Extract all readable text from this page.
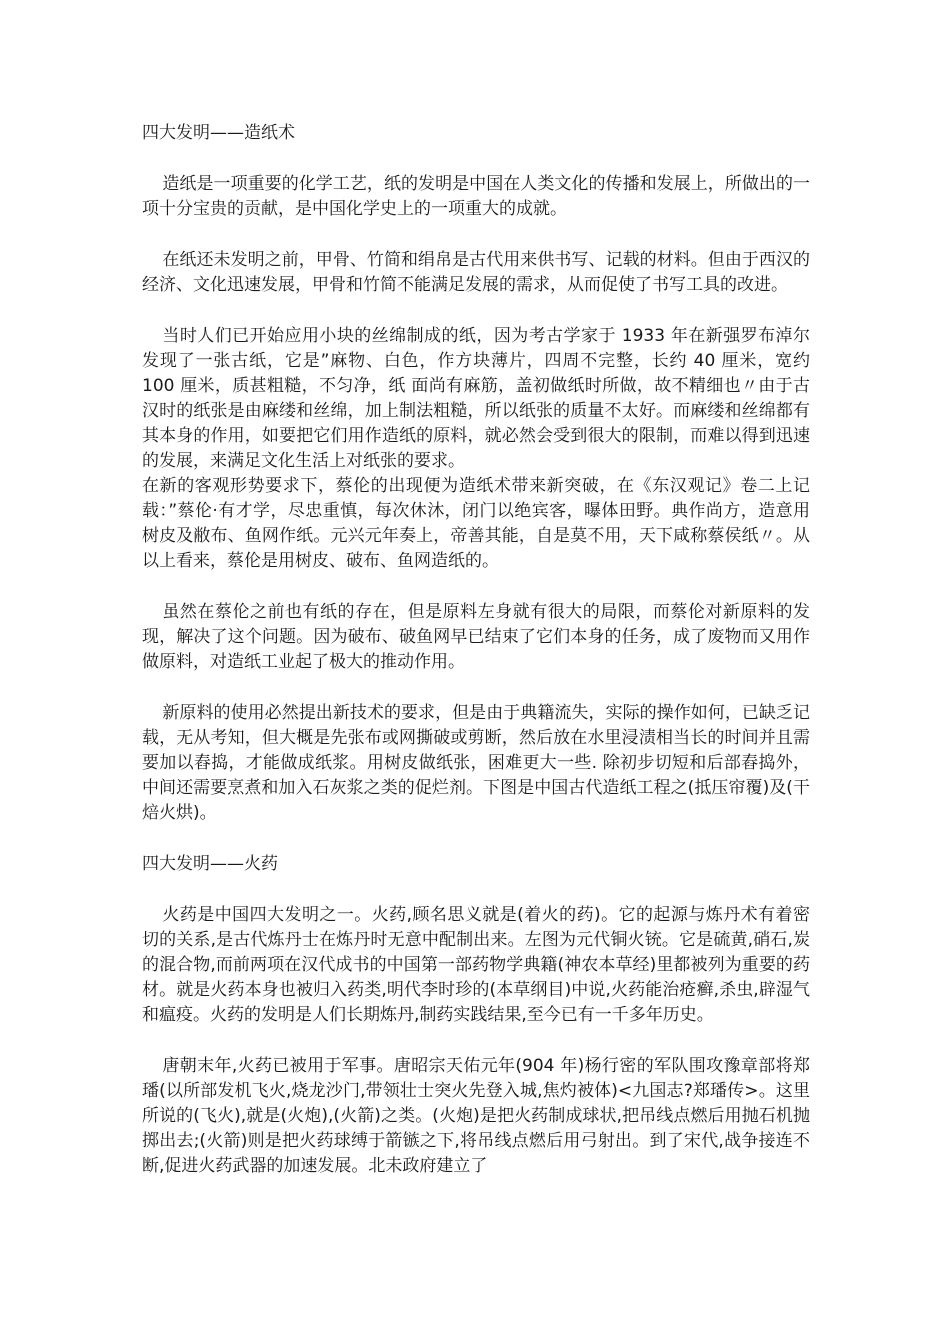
四大发明——造纸术

造纸是一项重要的化学工艺，纸的发明是中国在人类文化的传播和发展上，所做出的一项十分宝贵的贡献，是中国化学史上的一项重大的成就。

在纸还未发明之前，甲骨、竹简和绢帛是古代用来供书写、记载的材料。但由于西汉的经济、文化迅速发展，甲骨和竹简不能满足发展的需求，从而促使了书写工具的改进。

当时人们已开始应用小块的丝绵制成的纸，因为考古学家于 1933 年在新强罗布淖尔发现了一张古纸，它是”麻物、白色，作方块薄片，四周不完整，长约 40 厘米，宽约 100 厘米，质甚粗糙，不匀净，纸 面尚有麻筋，盖初做纸时所做，故不精细也〃由于古汉时的纸张是由麻缕和丝绵，加上制法粗糙，所以纸张的质量不太好。而麻缕和丝绵都有其本身的作用，如要把它们用作造纸的原料，就必然会受到很大的限制，而难以得到迅速的发展，来满足文化生活上对纸张的要求。

在新的客观形势要求下，蔡伦的出现便为造纸术带来新突破，在《东汉观记》卷二上记载：”蔡伦·有才学，尽忠重慎，每次休沐，闭门以绝宾客，曝体田野。典作尚方，造意用树皮及敝布、鱼网作纸。元兴元年奏上，帝善其能，自是莫不用，天下咸称蔡侯纸〃。从以上看来，蔡伦是用树皮、破布、鱼网造纸的。

虽然在蔡伦之前也有纸的存在，但是原料左身就有很大的局限，而蔡伦对新原料的发现，解决了这个问题。因为破布、破鱼网早已结束了它们本身的任务，成了废物而又用作做原料，对造纸工业起了极大的推动作用。

新原料的使用必然提出新技术的要求，但是由于典籍流失，实际的操作如何，已缺乏记载，无从考知，但大概是先张布或网撕破或剪断，然后放在水里浸渍相当长的时间并且需要加以舂捣，才能做成纸浆。用树皮做纸张，困难更大一些. 除初步切短和后部舂捣外，中间还需要烹煮和加入石灰浆之类的促烂剂。下图是中国古代造纸工程之(抵压帘覆)及(干焙火烘)。

四大发明——火药

火药是中国四大发明之一。火药,顾名思义就是(着火的药)。它的起源与炼丹术有着密切的关系,是古代炼丹士在炼丹时无意中配制出来。左图为元代铜火铳。它是硫黄,硝石,炭的混合物,而前两项在汉代成书的中国第一部药物学典籍(神农本草经)里都被列为重要的药材。就是火药本身也被归入药类,明代李时珍的(本草纲目)中说,火药能治疮癣,杀虫,辟湿气和瘟疫。火药的发明是人们长期炼丹,制药实践结果,至今已有一千多年历史。

唐朝末年,火药已被用于军事。唐昭宗天佑元年(904 年)杨行密的军队围攻豫章部将郑璠(以所部发机飞火,烧龙沙门,带领壮士突火先登入城,焦灼被体)<九国志?郑璠传>。这里所说的(飞火),就是(火炮),(火箭)之类。(火炮)是把火药制成球状,把吊线点燃后用抛石机抛掷出去;(火箭)则是把火药球缚于箭镞之下,将吊线点燃后用弓射出。到了宋代,战争接连不断,促进火药武器的加速发展。北未政府建立了
